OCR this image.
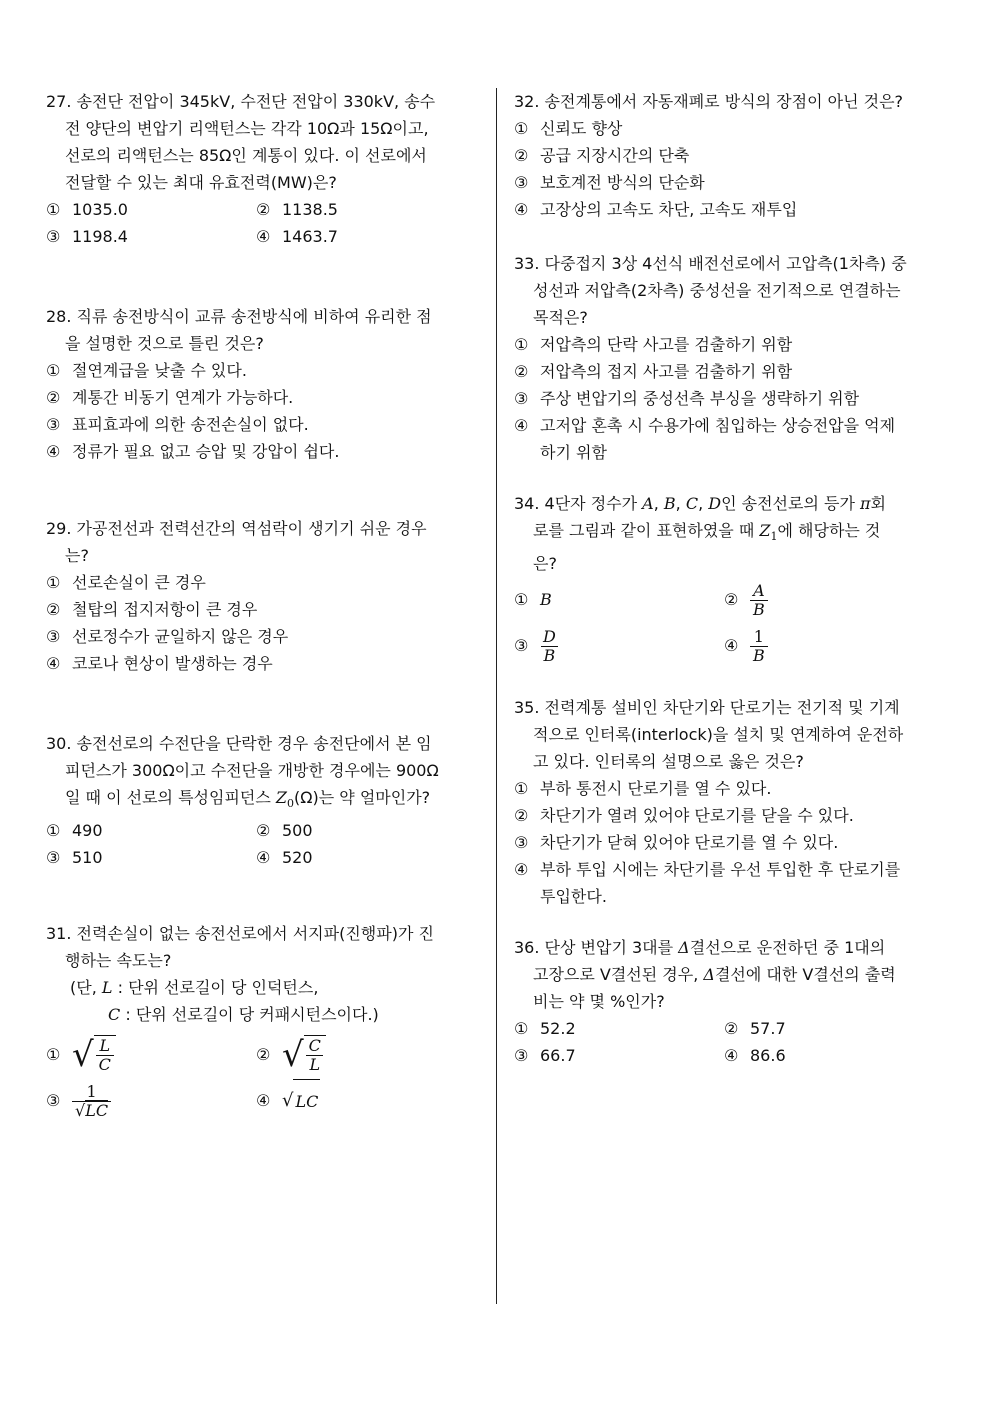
27. 송전단 전압이 345kV, 수전단 전압이 330kV, 송수
전 양단의 변압기 리액턴스는 각각 10Ω과 15Ω이고,
선로의 리액턴스는 85Ω인 계통이 있다. 이 선로에서
전달할 수 있는 최대 유효전력(MW)은?

① 1035.0	② 1138.5
③ 1198.4	④ 1463.7

28. 직류 송전방식이 교류 송전방식에 비하여 유리한 점
을 설명한 것으로 틀린 것은?

① 절연계급을 낮출 수 있다.
② 계통간 비동기 연계가 가능하다.
③ 표피효과에 의한 송전손실이 없다.
④ 정류가 필요 없고 승압 및 강압이 쉽다.

29. 가공전선과 전력선간의 역섬락이 생기기 쉬운 경우
는?

① 선로손실이 큰 경우
② 철탑의 접지저항이 큰 경우
③ 선로정수가 균일하지 않은 경우
④ 코로나 현상이 발생하는 경우

30. 송전선로의 수전단을 단락한 경우 송전단에서 본 임
피던스가 300Ω이고 수전단을 개방한 경우에는 900Ω
일 때 이 선로의 특성임피던스 $Z_0(\Omega)$는 약 얼마인가?

① 490	② 500
③ 510	④ 520

31. 전력손실이 없는 송전선로에서 서지파(진행파)가 진
행하는 속도는?

(단, L : 단위 선로길이 당 인덕턴스,
C : 단위 선로길이 당 커패시턴스이다.)
① √ $\frac{L}{C}$	② √ $\frac{C}{L}$
③ $\frac{1}{√LC}$	④ √ LC

32. 송전계통에서 자동재폐로 방식의 장점이 아닌 것은?

① 신뢰도 향상
② 공급 지장시간의 단축
③ 보호계전 방식의 단순화
④ 고장상의 고속도 차단, 고속도 재투입

33. 다중접지 3상 4선식 배전선로에서 고압측(1차측) 중
성선과 저압측(2차측) 중성선을 전기적으로 연결하는
목적은?

① 저압측의 단락 사고를 검출하기 위함
② 저압측의 접지 사고를 검출하기 위함
③ 주상 변압기의 중성선측 부싱을 생략하기 위함
④ 고저압 혼촉 시 수용가에 침입하는 상승전압을 억제
하기 위함

34. 4단자 정수가 A, B, C, D인 송전선로의 등가 π회
로를 그림과 같이 표현하였을 때 $Z_1$에 해당하는 것
은?

① B	② $\frac{A}{B}$
③ $\frac{D}{B}$	④ $\frac{1}{B}$

35. 전력계통 설비인 차단기와 단로기는 전기적 및 기계
적으로 인터록(interlock)을 설치 및 연계하여 운전하
고 있다. 인터록의 설명으로 옳은 것은?

① 부하 통전시 단로기를 열 수 있다.
② 차단기가 열려 있어야 단로기를 닫을 수 있다.
③ 차단기가 닫혀 있어야 단로기를 열 수 있다.
④ 부하 투입 시에는 차단기를 우선 투입한 후 단로기를
투입한다.

36. 단상 변압기 3대를 Δ결선으로 운전하던 중 1대의
고장으로 V결선된 경우, Δ결선에 대한 V결선의 출력
비는 약 몇 %인가?

① 52.2	② 57.7
③ 66.7	④ 86.6
